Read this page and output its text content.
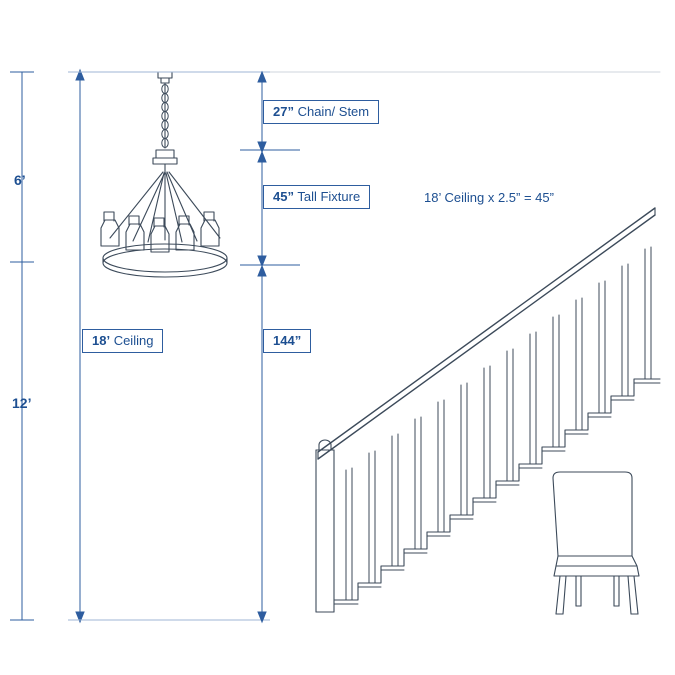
6’
12’
27” Chain/ Stem
45” Tall Fixture	18’ Ceiling x 2.5” = 45”
18’ Ceiling	144”
